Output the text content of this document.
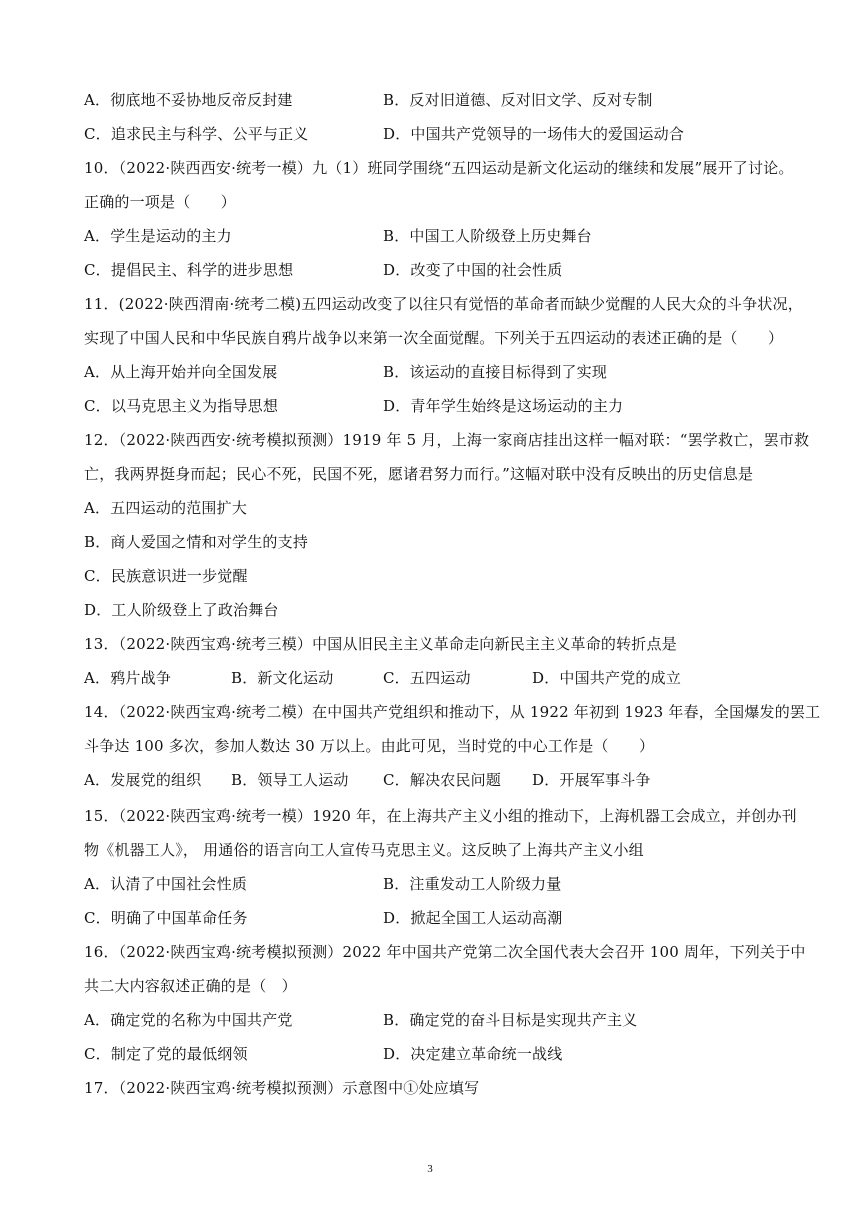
A．彻底地不妥协地反帝反封建	B．反对旧道德、反对旧文学、反对专制
C．追求民主与科学、公平与正义	D．中国共产党领导的一场伟大的爱国运动合
10．（2022·陕西西安·统考一模）九（1）班同学围绕“五四运动是新文化运动的继续和发展”展开了讨论。
正确的一项是（　　）
A．学生是运动的主力	B．中国工人阶级登上历史舞台
C．提倡民主、科学的进步思想	D．改变了中国的社会性质
11．(2022·陕西渭南·统考二模)五四运动改变了以往只有觉悟的革命者而缺少觉醒的人民大众的斗争状况，
实现了中国人民和中华民族自鸦片战争以来第一次全面觉醒。下列关于五四运动的表述正确的是（　　）
A．从上海开始并向全国发展	B．该运动的直接目标得到了实现
C．以马克思主义为指导思想	D．青年学生始终是这场运动的主力
12．（2022·陕西西安·统考模拟预测）1919 年 5 月，上海一家商店挂出这样一幅对联：“罢学救亡，罢市救
亡，我两界挺身而起；民心不死，民国不死，愿诸君努力而行。”这幅对联中没有反映出的历史信息是
A．五四运动的范围扩大
B．商人爱国之情和对学生的支持
C．民族意识进一步觉醒
D．工人阶级登上了政治舞台
13．（2022·陕西宝鸡·统考三模）中国从旧民主主义革命走向新民主主义革命的转折点是
A．鸦片战争	B．新文化运动	C．五四运动	D．中国共产党的成立
14．（2022·陕西宝鸡·统考二模）在中国共产党组织和推动下，从 1922 年初到 1923 年春，全国爆发的罢工
斗争达 100 多次，参加人数达 30 万以上。由此可见，当时党的中心工作是（　　）
A．发展党的组织 B．领导工人运动 C．解决农民问题 D．开展军事斗争
15．（2022·陕西宝鸡·统考一模）1920 年，在上海共产主义小组的推动下，上海机器工会成立，并创办刊
物《机器工人》， 用通俗的语言向工人宣传马克思主义。这反映了上海共产主义小组
A．认清了中国社会性质	B．注重发动工人阶级力量
C．明确了中国革命任务	D．掀起全国工人运动高潮
16．（2022·陕西宝鸡·统考模拟预测）2022 年中国共产党第二次全国代表大会召开 100 周年，下列关于中
共二大内容叙述正确的是（　）
A．确定党的名称为中国共产党	B．确定党的奋斗目标是实现共产主义
C．制定了党的最低纲领	D．决定建立革命统一战线
17．（2022·陕西宝鸡·统考模拟预测）示意图中①处应填写
3
